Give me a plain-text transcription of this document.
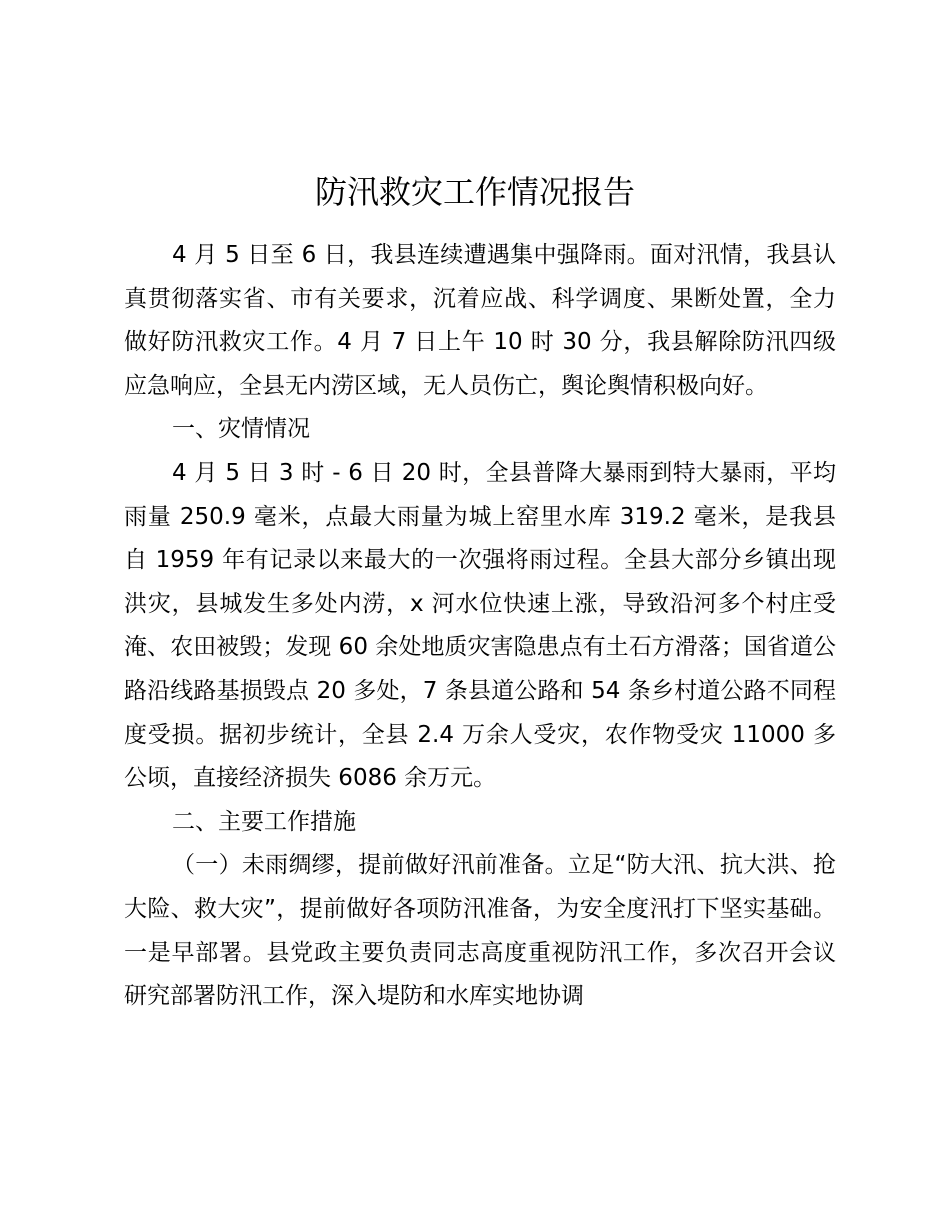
防汛救灾工作情况报告

4 月 5 日至 6 日，我县连续遭遇集中强降雨。面对汛情，我县认真贯彻落实省、市有关要求，沉着应战、科学调度、果断处置，全力做好防汛救灾工作。4 月 7 日上午 10 时 30 分，我县解除防汛四级应急响应，全县无内涝区域，无人员伤亡，舆论舆情积极向好。

一、灾情情况

4 月 5 日 3 时 - 6 日 20 时，全县普降大暴雨到特大暴雨，平均雨量 250.9 毫米，点最大雨量为城上窑里水库 319.2 毫米，是我县自 1959 年有记录以来最大的一次强将雨过程。全县大部分乡镇出现洪灾，县城发生多处内涝，x 河水位快速上涨，导致沿河多个村庄受淹、农田被毁；发现 60 余处地质灾害隐患点有土石方滑落；国省道公路沿线路基损毁点 20 多处，7 条县道公路和 54 条乡村道公路不同程度受损。据初步统计，全县 2.4 万余人受灾，农作物受灾 11000 多公顷，直接经济损失 6086 余万元。

二、主要工作措施

（一）未雨绸缪，提前做好汛前准备。立足“防大汛、抗大洪、抢大险、救大灾”，提前做好各项防汛准备，为安全度汛打下坚实基础。一是早部署。县党政主要负责同志高度重视防汛工作，多次召开会议研究部署防汛工作，深入堤防和水库实地协调
